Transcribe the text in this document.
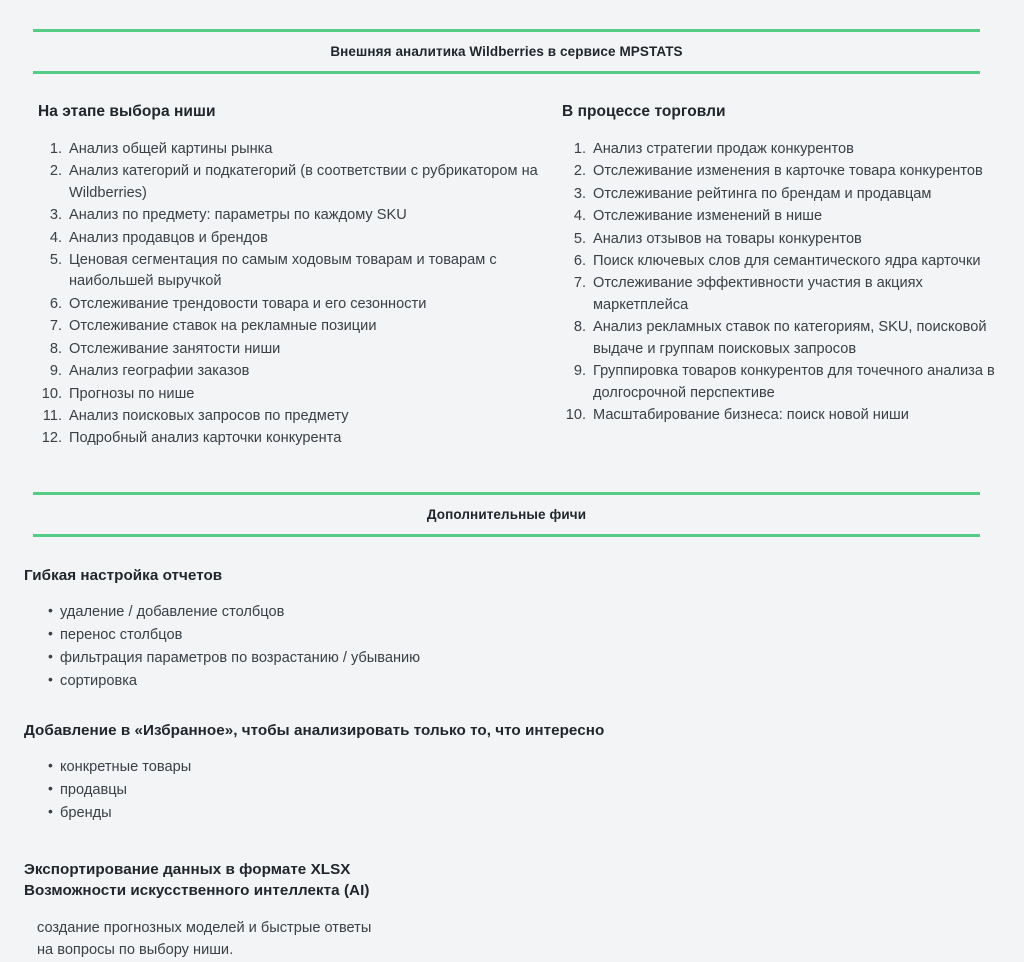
Внешняя аналитика Wildberries в сервисе MPSTATS
На этапе выбора ниши
Анализ общей картины рынка
Анализ категорий и подкатегорий (в соответствии с рубрикатором на Wildberries)
Анализ по предмету: параметры по каждому SKU
Анализ продавцов и брендов
Ценовая сегментация по самым ходовым товарам и товарам с наибольшей выручкой
Отслеживание трендовости товара и его сезонности
Отслеживание ставок на рекламные позиции
Отслеживание занятости ниши
Анализ географии заказов
Прогнозы по нише
Анализ поисковых запросов по предмету
Подробный анализ карточки конкурента
В процессе торговли
Анализ стратегии продаж конкурентов
Отслеживание изменения в карточке товара конкурентов
Отслеживание рейтинга по брендам и продавцам
Отслеживание изменений в нише
Анализ отзывов на товары конкурентов
Поиск ключевых слов для семантического ядра карточки
Отслеживание эффективности участия в акциях маркетплейса
Анализ рекламных ставок по категориям, SKU, поисковой выдаче и группам поисковых запросов
Группировка товаров конкурентов для точечного анализа в долгосрочной перспективе
Масштабирование бизнеса: поиск новой ниши
Дополнительные фичи
Гибкая настройка отчетов
• удаление / добавление столбцов
• перенос столбцов
• фильтрация параметров по возрастанию / убыванию
• сортировка
Добавление в «Избранное», чтобы анализировать только то, что интересно
• конкретные товары
• продавцы
• бренды
Экспортирование данных в формате XLSX
Возможности искусственного интеллекта (AI)
создание прогнозных моделей и быстрые ответы
на вопросы по выбору ниши.
